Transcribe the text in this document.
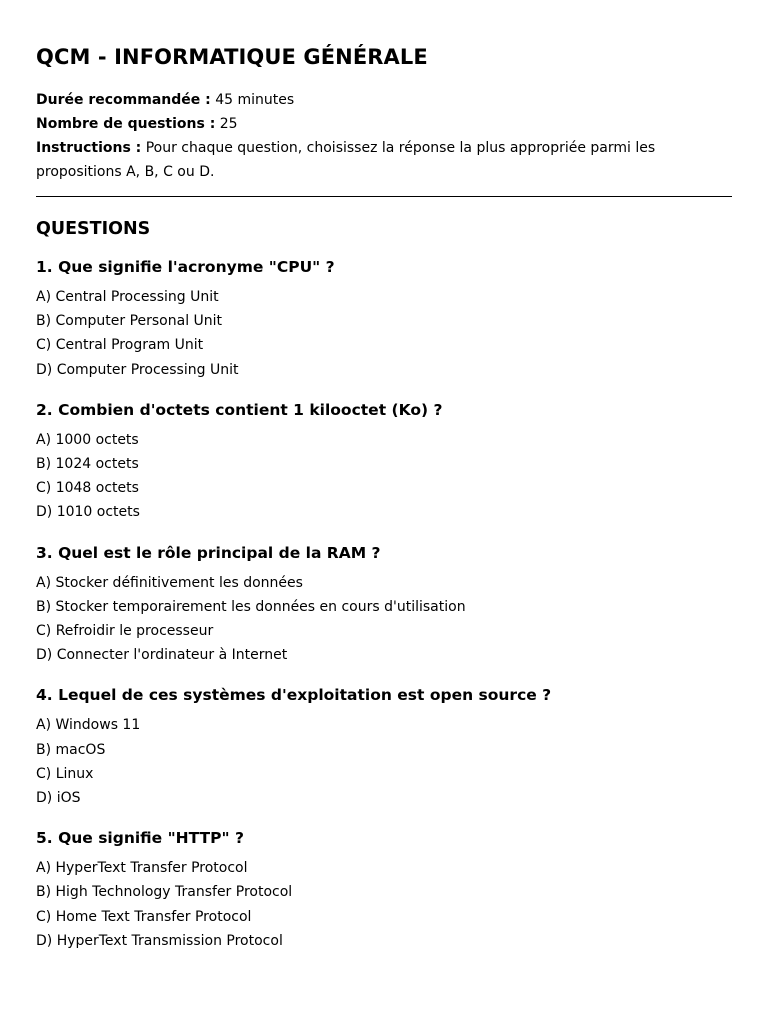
QCM - INFORMATIQUE GÉNÉRALE

Durée recommandée : 45 minutes

Nombre de questions : 25

Instructions : Pour chaque question, choisissez la réponse la plus appropriée parmi les propositions A, B, C ou D.

QUESTIONS
1. Que signifie l'acronyme "CPU" ?
A) Central Processing Unit
B) Computer Personal Unit
C) Central Program Unit
D) Computer Processing Unit
2. Combien d'octets contient 1 kilooctet (Ko) ?
A) 1000 octets
B) 1024 octets
C) 1048 octets
D) 1010 octets
3. Quel est le rôle principal de la RAM ?
A) Stocker définitivement les données
B) Stocker temporairement les données en cours d'utilisation
C) Refroidir le processeur
D) Connecter l'ordinateur à Internet
4. Lequel de ces systèmes d'exploitation est open source ?
A) Windows 11
B) macOS
C) Linux
D) iOS
5. Que signifie "HTTP" ?
A) HyperText Transfer Protocol
B) High Technology Transfer Protocol
C) Home Text Transfer Protocol
D) HyperText Transmission Protocol
